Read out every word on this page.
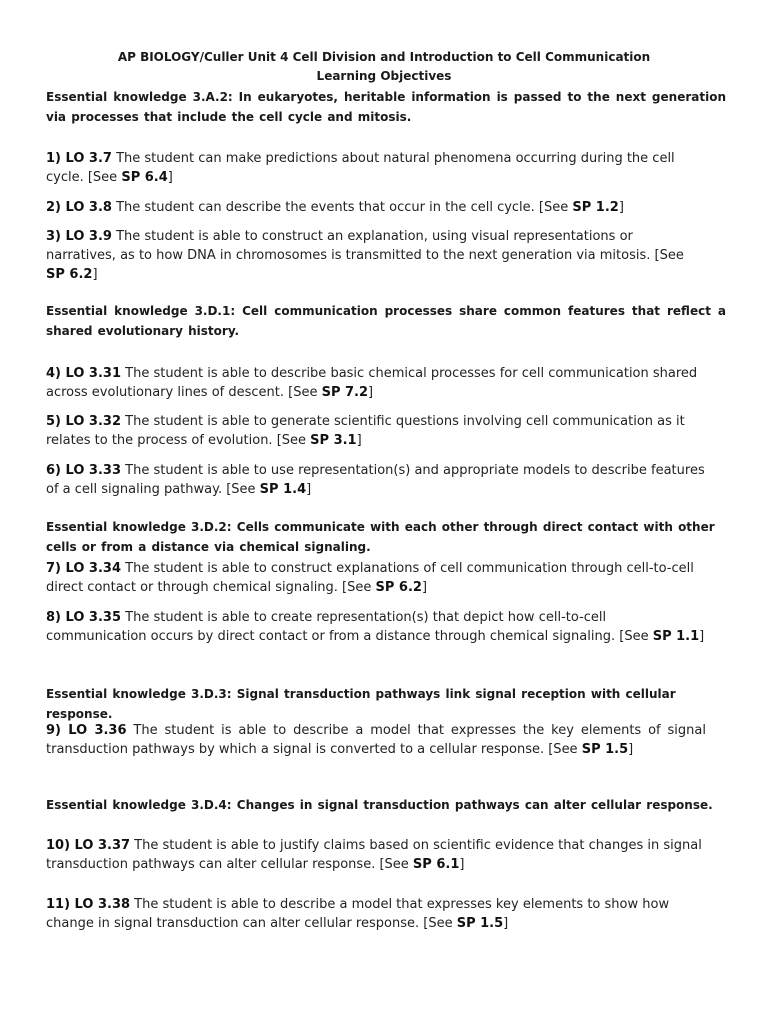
AP BIOLOGY/Culler Unit 4 Cell Division and Introduction to Cell Communication
Learning Objectives
Essential knowledge 3.A.2: In eukaryotes, heritable information is passed to the next generation via processes that include the cell cycle and mitosis.
1) LO 3.7 The student can make predictions about natural phenomena occurring during the cell cycle. [See SP 6.4]
2) LO 3.8 The student can describe the events that occur in the cell cycle. [See SP 1.2]
3) LO 3.9 The student is able to construct an explanation, using visual representations or narratives, as to how DNA in chromosomes is transmitted to the next generation via mitosis. [See SP 6.2]
Essential knowledge 3.D.1: Cell communication processes share common features that reflect a shared evolutionary history.
4) LO 3.31 The student is able to describe basic chemical processes for cell communication shared across evolutionary lines of descent. [See SP 7.2]
5) LO 3.32 The student is able to generate scientific questions involving cell communication as it relates to the process of evolution. [See SP 3.1]
6) LO 3.33 The student is able to use representation(s) and appropriate models to describe features of a cell signaling pathway. [See SP 1.4]
Essential knowledge 3.D.2: Cells communicate with each other through direct contact with other cells or from a distance via chemical signaling.
7) LO 3.34 The student is able to construct explanations of cell communication through cell-to-cell direct contact or through chemical signaling. [See SP 6.2]
8) LO 3.35 The student is able to create representation(s) that depict how cell-to-cell communication occurs by direct contact or from a distance through chemical signaling. [See SP 1.1]
Essential knowledge 3.D.3: Signal transduction pathways link signal reception with cellular response.
9) LO 3.36 The student is able to describe a model that expresses the key elements of signal transduction pathways by which a signal is converted to a cellular response. [See SP 1.5]
Essential knowledge 3.D.4: Changes in signal transduction pathways can alter cellular response.
10) LO 3.37 The student is able to justify claims based on scientific evidence that changes in signal transduction pathways can alter cellular response. [See SP 6.1]
11) LO 3.38 The student is able to describe a model that expresses key elements to show how change in signal transduction can alter cellular response. [See SP 1.5]
